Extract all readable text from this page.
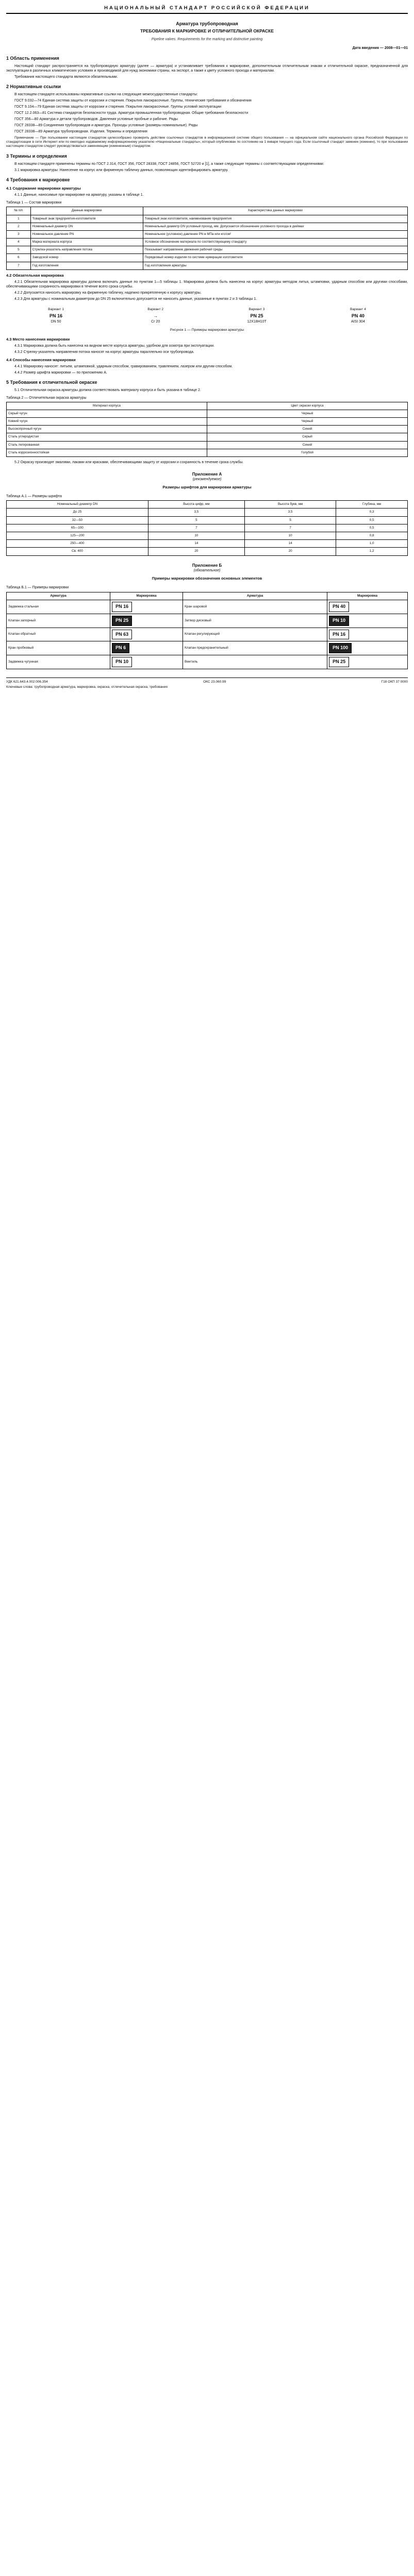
НАЦИОНАЛЬНЫЙ СТАНДАРТ РОССИЙСКОЙ ФЕДЕРАЦИИ
Арматура трубопроводная
ТРЕБОВАНИЯ К МАРКИРОВКЕ И ОТЛИЧИТЕЛЬНОЙ ОКРАСКЕ
Pipeline valves. Requirements for the marking and distinctive painting
Дата введения — 2008—01—01
1 Область применения

Настоящий стандарт распространяется на трубопроводную арматуру (далее — арматура) и устанавливает требования к маркировке, дополнительным отличительным знакам и отличительной окраске, предназначенной для эксплуатации в различных климатических условиях и производимой для нужд экономики страны, на экспорт, а также к цвету условного прохода и материалам.

Требования настоящего стандарта являются обязательными.

2 Нормативные ссылки

В настоящем стандарте использованы нормативные ссылки на следующие межгосударственные стандарты:

ГОСТ 9.032—74 Единая система защиты от коррозии и старения. Покрытия лакокрасочные. Группы, технические требования и обозначения

ГОСТ 9.104—79 Единая система защиты от коррозии и старения. Покрытия лакокрасочные. Группы условий эксплуатации

ГОСТ 12.2.063—81 Система стандартов безопасности труда. Арматура промышленная трубопроводная. Общие требования безопасности

ГОСТ 356—80 Арматура и детали трубопроводов. Давления условные пробные и рабочие. Ряды

ГОСТ 28338—89 Соединения трубопроводов и арматура. Проходы условные (размеры номинальные). Ряды

ГОСТ 28338—89 Арматура трубопроводная. Изделия. Термины и определения

Примечание — При пользовании настоящим стандартом целесообразно проверить действие ссылочных стандартов в информационной системе общего пользования — на официальном сайте национального органа Российской Федерации по стандартизации в сети Интернет или по ежегодно издаваемому информационному указателю «Национальные стандарты», который опубликован по состоянию на 1 января текущего года. Если ссылочный стандарт заменен (изменен), то при пользовании настоящим стандартом следует руководствоваться заменяющим (измененным) стандартом.

3 Термины и определения

В настоящем стандарте применены термины по ГОСТ 2.314, ГОСТ 356, ГОСТ 28338, ГОСТ 24856, ГОСТ 52720 и [1], а также следующие термины с соответствующими определениями:

3.1 маркировка арматуры: Нанесение на корпус или фирменную табличку данных, позволяющих идентифицировать арматуру.

4 Требования к маркировке
4.1 Содержание маркировки арматуры

4.1.1 Данные, наносимые при маркировке на арматуру, указаны в таблице 1.

Таблица 1 — Состав маркировки
№ п/п	Данные маркировки	Характеристика данных маркировки
1	Товарный знак предприятия-изготовителя	Товарный знак изготовителя, наименование предприятия
2	Номинальный диаметр DN	Номинальный диаметр DN условный проход, мм. Допускается обозначение условного прохода в дюймах
3	Номинальное давление PN	Номинальное (условное) давление PN в МПа или кгс/см²
4	Марка материала корпуса	Условное обозначение материала по соответствующему стандарту
5	Стрелка-указатель направления потока	Показывает направление движения рабочей среды
6	Заводской номер	Порядковый номер изделия по системе нумерации изготовителя
7	Год изготовления	Год изготовления арматуры
4.2 Обязательная маркировка

4.2.1 Обязательная маркировка арматуры должна включать данные по пунктам 1—5 таблицы 1. Маркировка должна быть нанесена на корпус арматуры методом литья, штамповки, ударным способом или другими способами, обеспечивающими сохранность маркировки в течение всего срока службы.

4.2.2 Допускается наносить маркировку на фирменную табличку, надежно прикрепленную к корпусу арматуры.

4.2.3 Для арматуры с номинальным диаметром до DN 25 включительно допускается не наносить данные, указанные в пунктах 2 и 3 таблицы 1.

Вариант 1
PN 16
DN 50
Вариант 2
→
Cr 20
Вариант 3
PN 25
12Х18Н10Т
Вариант 4
PN 40
AISI 304
Рисунок 1 — Примеры маркировки арматуры
4.3 Место нанесения маркировки

4.3.1 Маркировка должна быть нанесена на видном месте корпуса арматуры, удобном для осмотра при эксплуатации.

4.3.2 Стрелку-указатель направления потока наносят на корпус арматуры параллельно оси трубопровода.

4.4 Способы нанесения маркировки

4.4.1 Маркировку наносят: литьем, штамповкой, ударным способом, гравированием, травлением, лазером или другим способом.

4.4.2 Размер шрифта маркировки — по приложению А.

5 Требования к отличительной окраске

5.1 Отличительная окраска арматуры должна соответствовать материалу корпуса и быть указана в таблице 2.

Таблица 2 — Отличительная окраска арматуры
Материал корпуса	Цвет окраски корпуса
Серый чугун	Черный
Ковкий чугун	Черный
Высокопрочный чугун	Синий
Сталь углеродистая	Серый
Сталь легированная	Синий
Сталь коррозионностойкая	Голубой

5.2 Окраску производят эмалями, лаками или красками, обеспечивающими защиту от коррозии и сохранность в течение срока службы.

Приложение А
(рекомендуемое)
Размеры шрифтов для маркировки арматуры
Таблица А.1 — Размеры шрифта
Номинальный диаметр DN	Высота цифр, мм	Высота букв, мм	Глубина, мм
До 25	3,5	3,5	0,3
32—50	5	5	0,5
65—100	7	7	0,5
125—200	10	10	0,8
250—400	14	14	1,0
Св. 400	20	20	1,2
Приложение Б
(обязательное)
Примеры маркировки обозначения основных элементов
Таблица Б.1 — Примеры маркировки
Арматура	Маркировка	Арматура	Маркировка
Задвижка стальная	PN 16	Кран шаровой	PN 40
Клапан запорный	PN 25	Затвор дисковый	PN 10
Клапан обратный	PN 63	Клапан регулирующий	PN 16
Кран пробковый	PN 6	Клапан предохранительный	PN 100
Задвижка чугунная	PN 10	Вентиль	PN 25
УДК 621.643.4.002:006.354	ОКС 23.060.99	Г18 ОКП 37 0000
Ключевые слова: трубопроводная арматура, маркировка, окраска, отличительная окраска, требования
